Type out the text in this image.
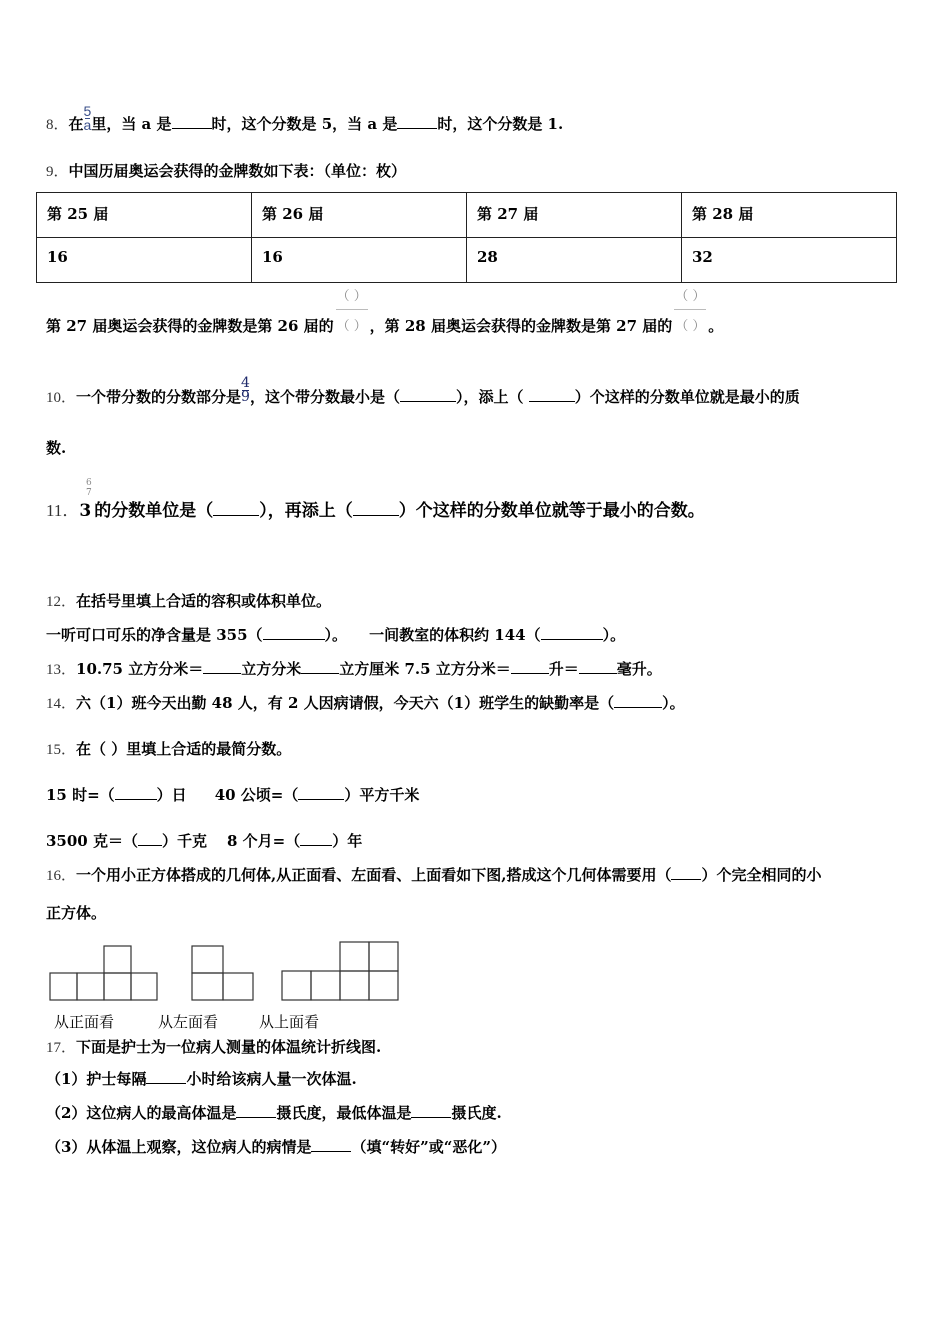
8．在 $\frac{5}{a}$ 里，当 a 是	时，这个分数是 5，当 a 是	时，这个分数是 1.
9．中国历届奥运会获得的金牌数如下表：（单位：枚）
第 25 届	第 26 届	第 27 届	第 28 届
16	16	28	32
第 27 届奥运会获得的金牌数是第 26 届的
（ ）
（ ） ，第 28 届奥运会获得的金牌数是第 27 届的
（ ）
（ ） 。
10．一个带分数的分数部分是 $\frac{4}{9}$ ，这个带分数最小是（	），添上（	）个这样的分数单位就是最小的质
数.
11．3
6
7
的分数单位是（	），再添上（	）个这样的分数单位就等于最小的合数。
12．在括号里填上合适的容积或体积单位。
一听可口可乐的净含量是 355（	）。 一间教室的体积约 144（	）。
13．10.75 立方分米＝	立方分米	立方厘米 7.5 立方分米＝	升＝	毫升。
14．六（1）班今天出勤 48 人，有 2 人因病请假，今天六（1）班学生的缺勤率是（	）。
15．在（ ）里填上合适的最简分数。
15 时=（	）日 40 公顷=（	）平方千米
3500 克＝（ ）千克 8 个月=（ ）年
16．一个用小正方体搭成的几何体,从正面看、左面看、上面看如下图,搭成这个几何体需要用（ ）个完全相同的小
正方体。
从正面看	从左面看	从上面看
17．下面是护士为一位病人测量的体温统计折线图.
（1）护士每隔	小时给该病人量一次体温.
（2）这位病人的最高体温是	摄氏度，最低体温是	摄氏度.
（3）从体温上观察，这位病人的病情是	（填“转好”或“恶化”）
